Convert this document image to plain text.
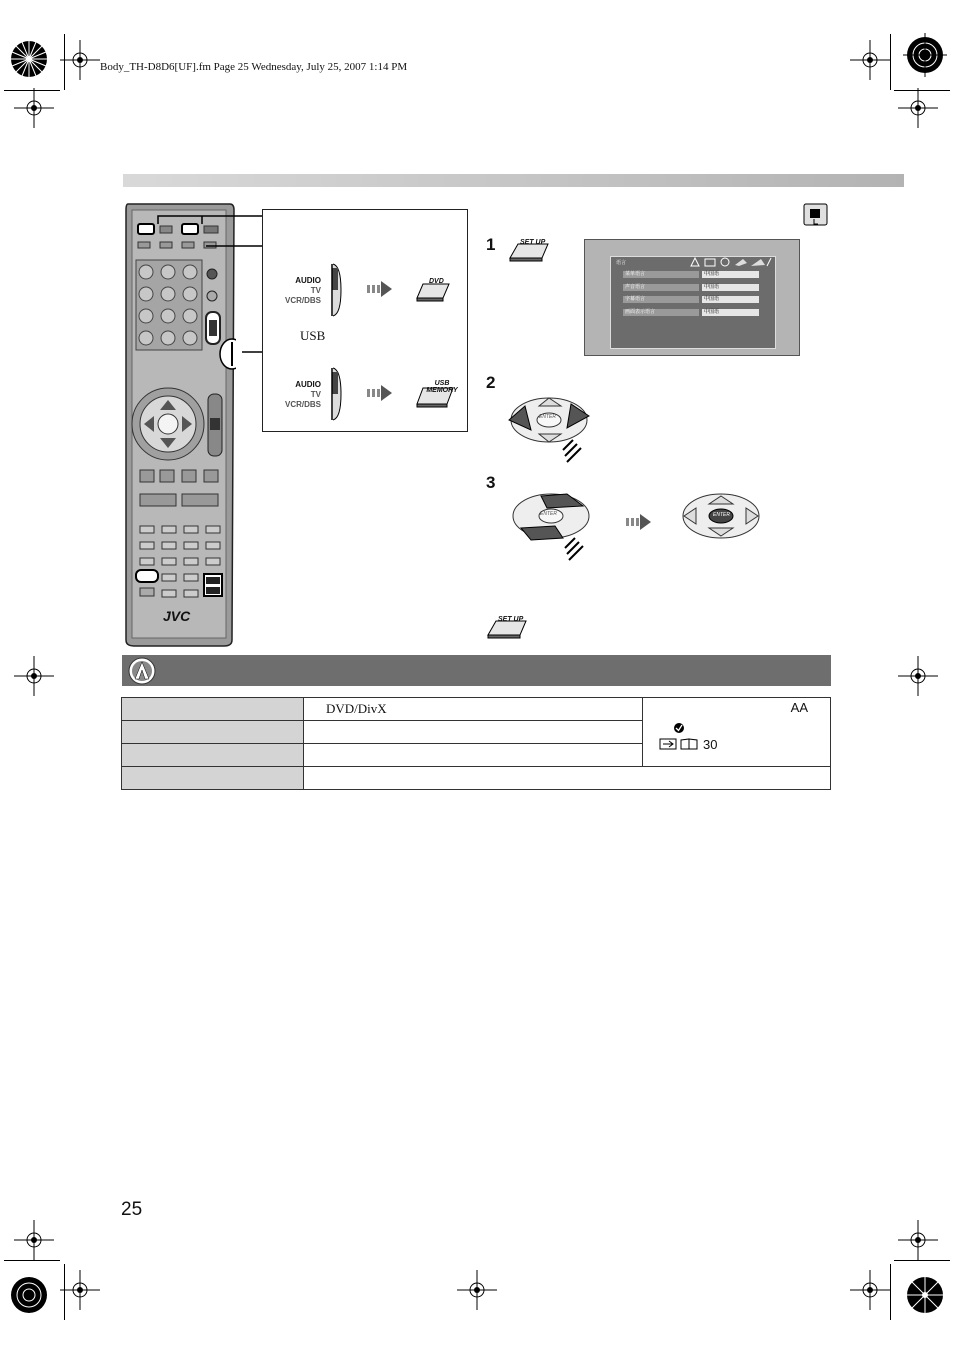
Body_TH-D8D6[UF].fm Page 25 Wednesday, July 25, 2007 1:14 PM
JVC
AUDIO
TV
VCR/DBS
DVD
USB
AUDIO
TV
VCR/DBS
USB MEMORY
1	SET UP
语言
菜单语言	中国语
声音语言	中国语
字幕语言	中国语
画面表示语言	中国语
2
ENTER
3
ENTER	ENTER
SET UP
	DVD/DivX	AA
30

25
